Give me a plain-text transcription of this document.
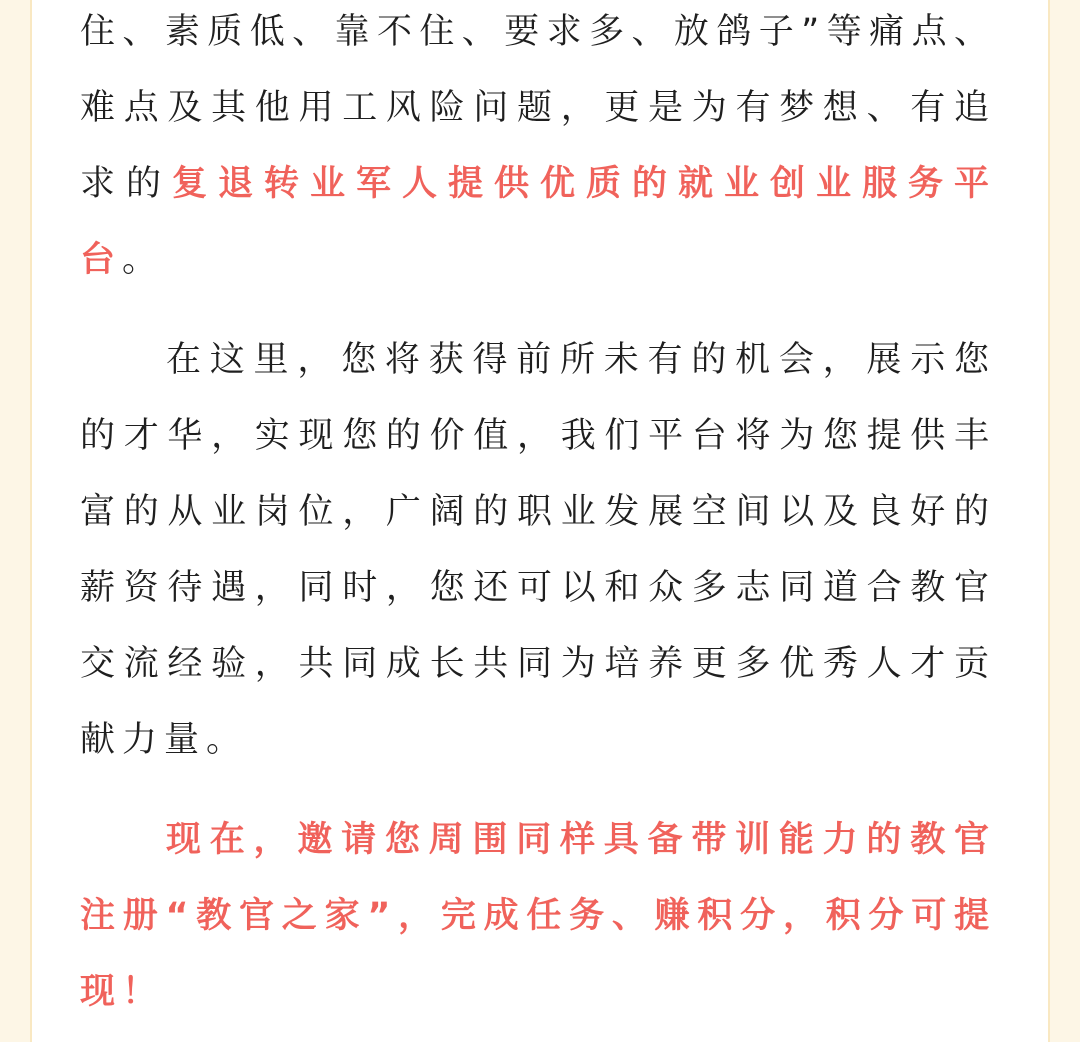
住、素质低、靠不住、要求多、放鸽子”等痛点、难点及其他用工风险问题，更是为有梦想、有追求的复退转业军人提供优质的就业创业服务平台。

在这里，您将获得前所未有的机会，展示您的才华，实现您的价值，我们平台将为您提供丰富的从业岗位，广阔的职业发展空间以及良好的薪资待遇，同时，您还可以和众多志同道合教官交流经验，共同成长共同为培养更多优秀人才贡献力量。

现在，邀请您周围同样具备带训能力的教官注册“教官之家”，完成任务、赚积分，积分可提现！
